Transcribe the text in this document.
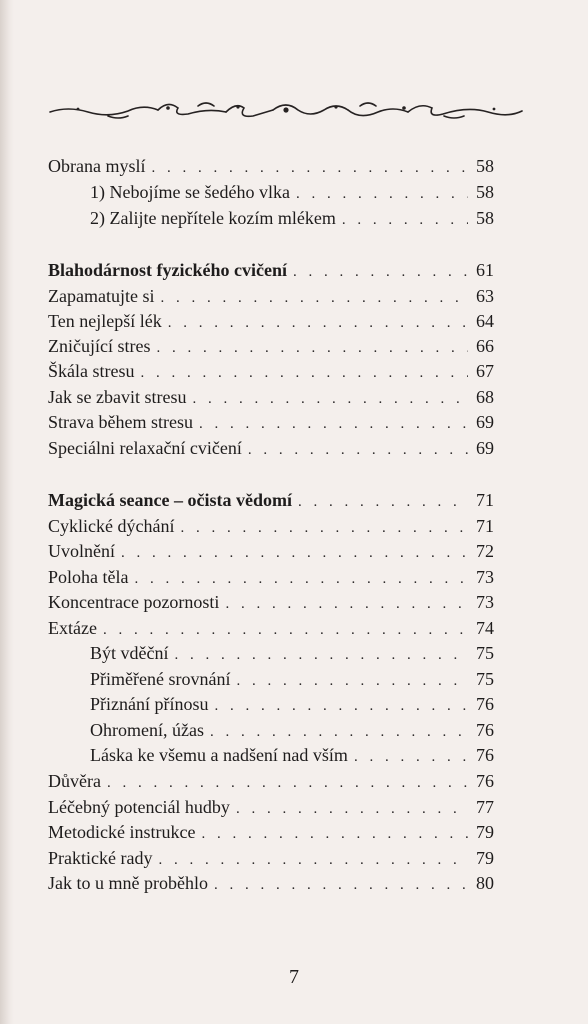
Obrana myslí . . .	58
1) Nebojíme se šedého vlka . . .	58
2) Zalijte nepřítele kozím mlékem . . .	58
Blahodárnost fyzického cvičení . . .	61
Zapamatujte si . . .	63
Ten nejlepší lék . . .	64
Zničující stres . . .	66
Škála stresu . . .	67
Jak se zbavit stresu . . .	68
Strava během stresu . . .	69
Speciálni relaxační cvičení . . .	69
Magická seance – očista vědomí . . .	71
Cyklické dýchání . . .	71
Uvolnění . . .	72
Poloha těla . . .	73
Koncentrace pozornosti . . .	73
Extáze . . .	74
Být vděční . . .	75
Přiměřené srovnání . . .	75
Přiznání přínosu . . .	76
Ohromení, úžas . . .	76
Láska ke všemu a nadšení nad vším . . .	76
Důvěra . . .	76
Léčebný potenciál hudby . . .	77
Metodické instrukce . . .	79
Praktické rady . . .	79
Jak to u mně proběhlo . . .	80
7
